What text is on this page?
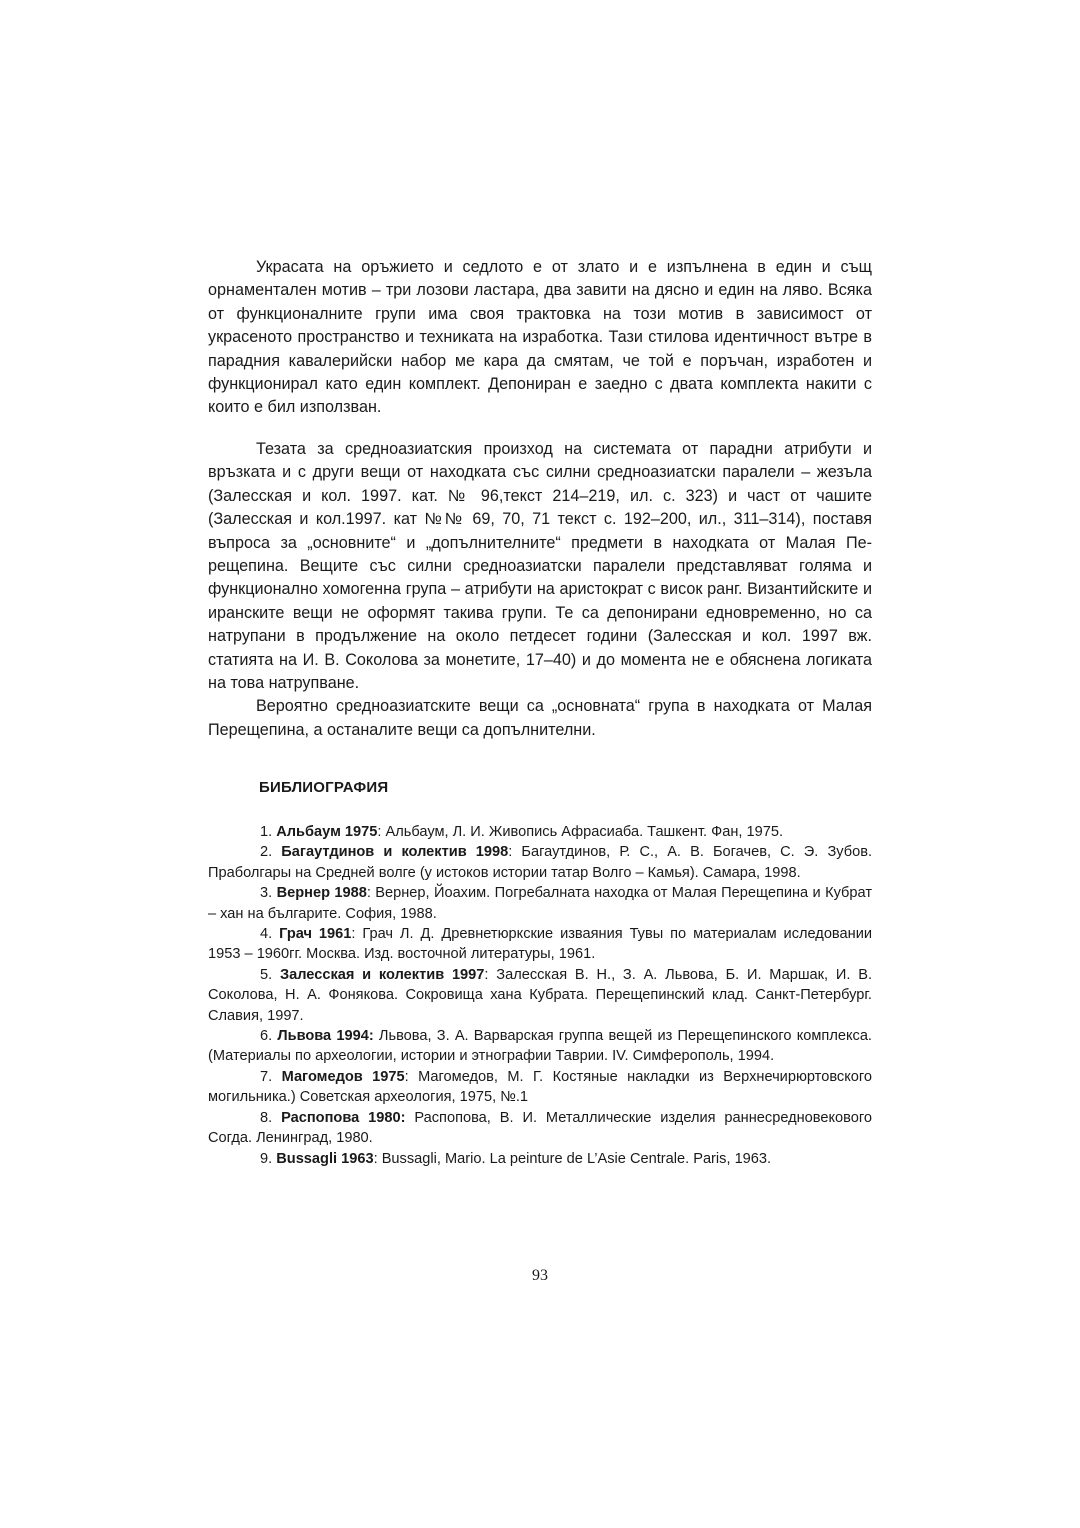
Украсата на оръжието и седлото е от злато и е изпълнена в един и същ орнаментален мотив – три лозови ластара, два завити на дясно и един на ляво. Всяка от функционалните групи има своя трактовка на този мотив в зависимост от украсеното пространство и техниката на изработка. Тази стилова идентичност вътре в парадния кавалерийски набор ме кара да смятам, че той е поръчан, изработен и функционирал като един комплект. Депониран е заедно с двата комплекта накити с които е бил използван.

Тезата за средноазиатския произход на системата от парадни атрибути и връзката и с други вещи от находката със силни средноазиатски паралели – жезъла (Залесская и кол. 1997. кат. № 96,текст 214–219, ил. с. 323) и част от чашите (Залесская и кол.1997. кат №№ 69, 70, 71 текст с. 192–200, ил., 311–314), поставя въпроса за „основните“ и „допълнителните“ предмети в находката от Малая Перещепина. Вещите със силни средноазиатски паралели представляват голяма и функционално хомогенна група – атрибути на аристократ с висок ранг. Византийските и иранските вещи не оформят такива групи. Те са депонирани едновременно, но са натрупани в продължение на около петдесет години (Залесская и кол. 1997 вж. статията на И. В. Соколова за монетите, 17–40) и до момента не е обяснена логиката на това натрупване.

Вероятно средноазиатските вещи са „основната“ група в находката от Малая Перещепина, а останалите вещи са допълнителни.

БИБЛИОГРАФИЯ
1. Альбаум 1975: Альбаум, Л. И. Живопись Афрасиаба. Ташкент. Фан, 1975.
2. Багаутдинов и колектив 1998: Багаутдинов, Р. С., А. В. Богачев, С. Э. Зубов. Праболгары на Средней волге (у истоков истории татар Волго – Камья). Самара, 1998.
3. Вернер 1988: Вернер, Йоахим. Погребалната находка от Малая Перещепина и Кубрат – хан на българите. София, 1988.
4. Грач 1961: Грач Л. Д. Древнетюркские изваяния Тувы по материалам иследовании 1953 – 1960гг. Москва. Изд. восточной литературы, 1961.
5. Залесская и колектив 1997: Залесская В. Н., З. А. Львова, Б. И. Маршак, И. В. Соколова, Н. А. Фонякова. Сокровища хана Кубрата. Перещепинский клад. Санкт-Петербург. Славия, 1997.
6. Львова 1994: Львова, З. А. Варварская группа вещей из Перещепинского комплекса. (Материалы по археологии, истории и этнографии Таврии. IV. Симферополь, 1994.
7. Магомедов 1975: Магомедов, М. Г. Костяные накладки из Верхнечирюртовского могильника.) Советская археология, 1975, №.1
8. Распопова 1980: Распопова, В. И. Металлические изделия раннесредновекового Согда. Ленинград, 1980.
9. Bussagli 1963: Bussagli, Mario. La peinture de L’Asie Centrale. Paris, 1963.

93
